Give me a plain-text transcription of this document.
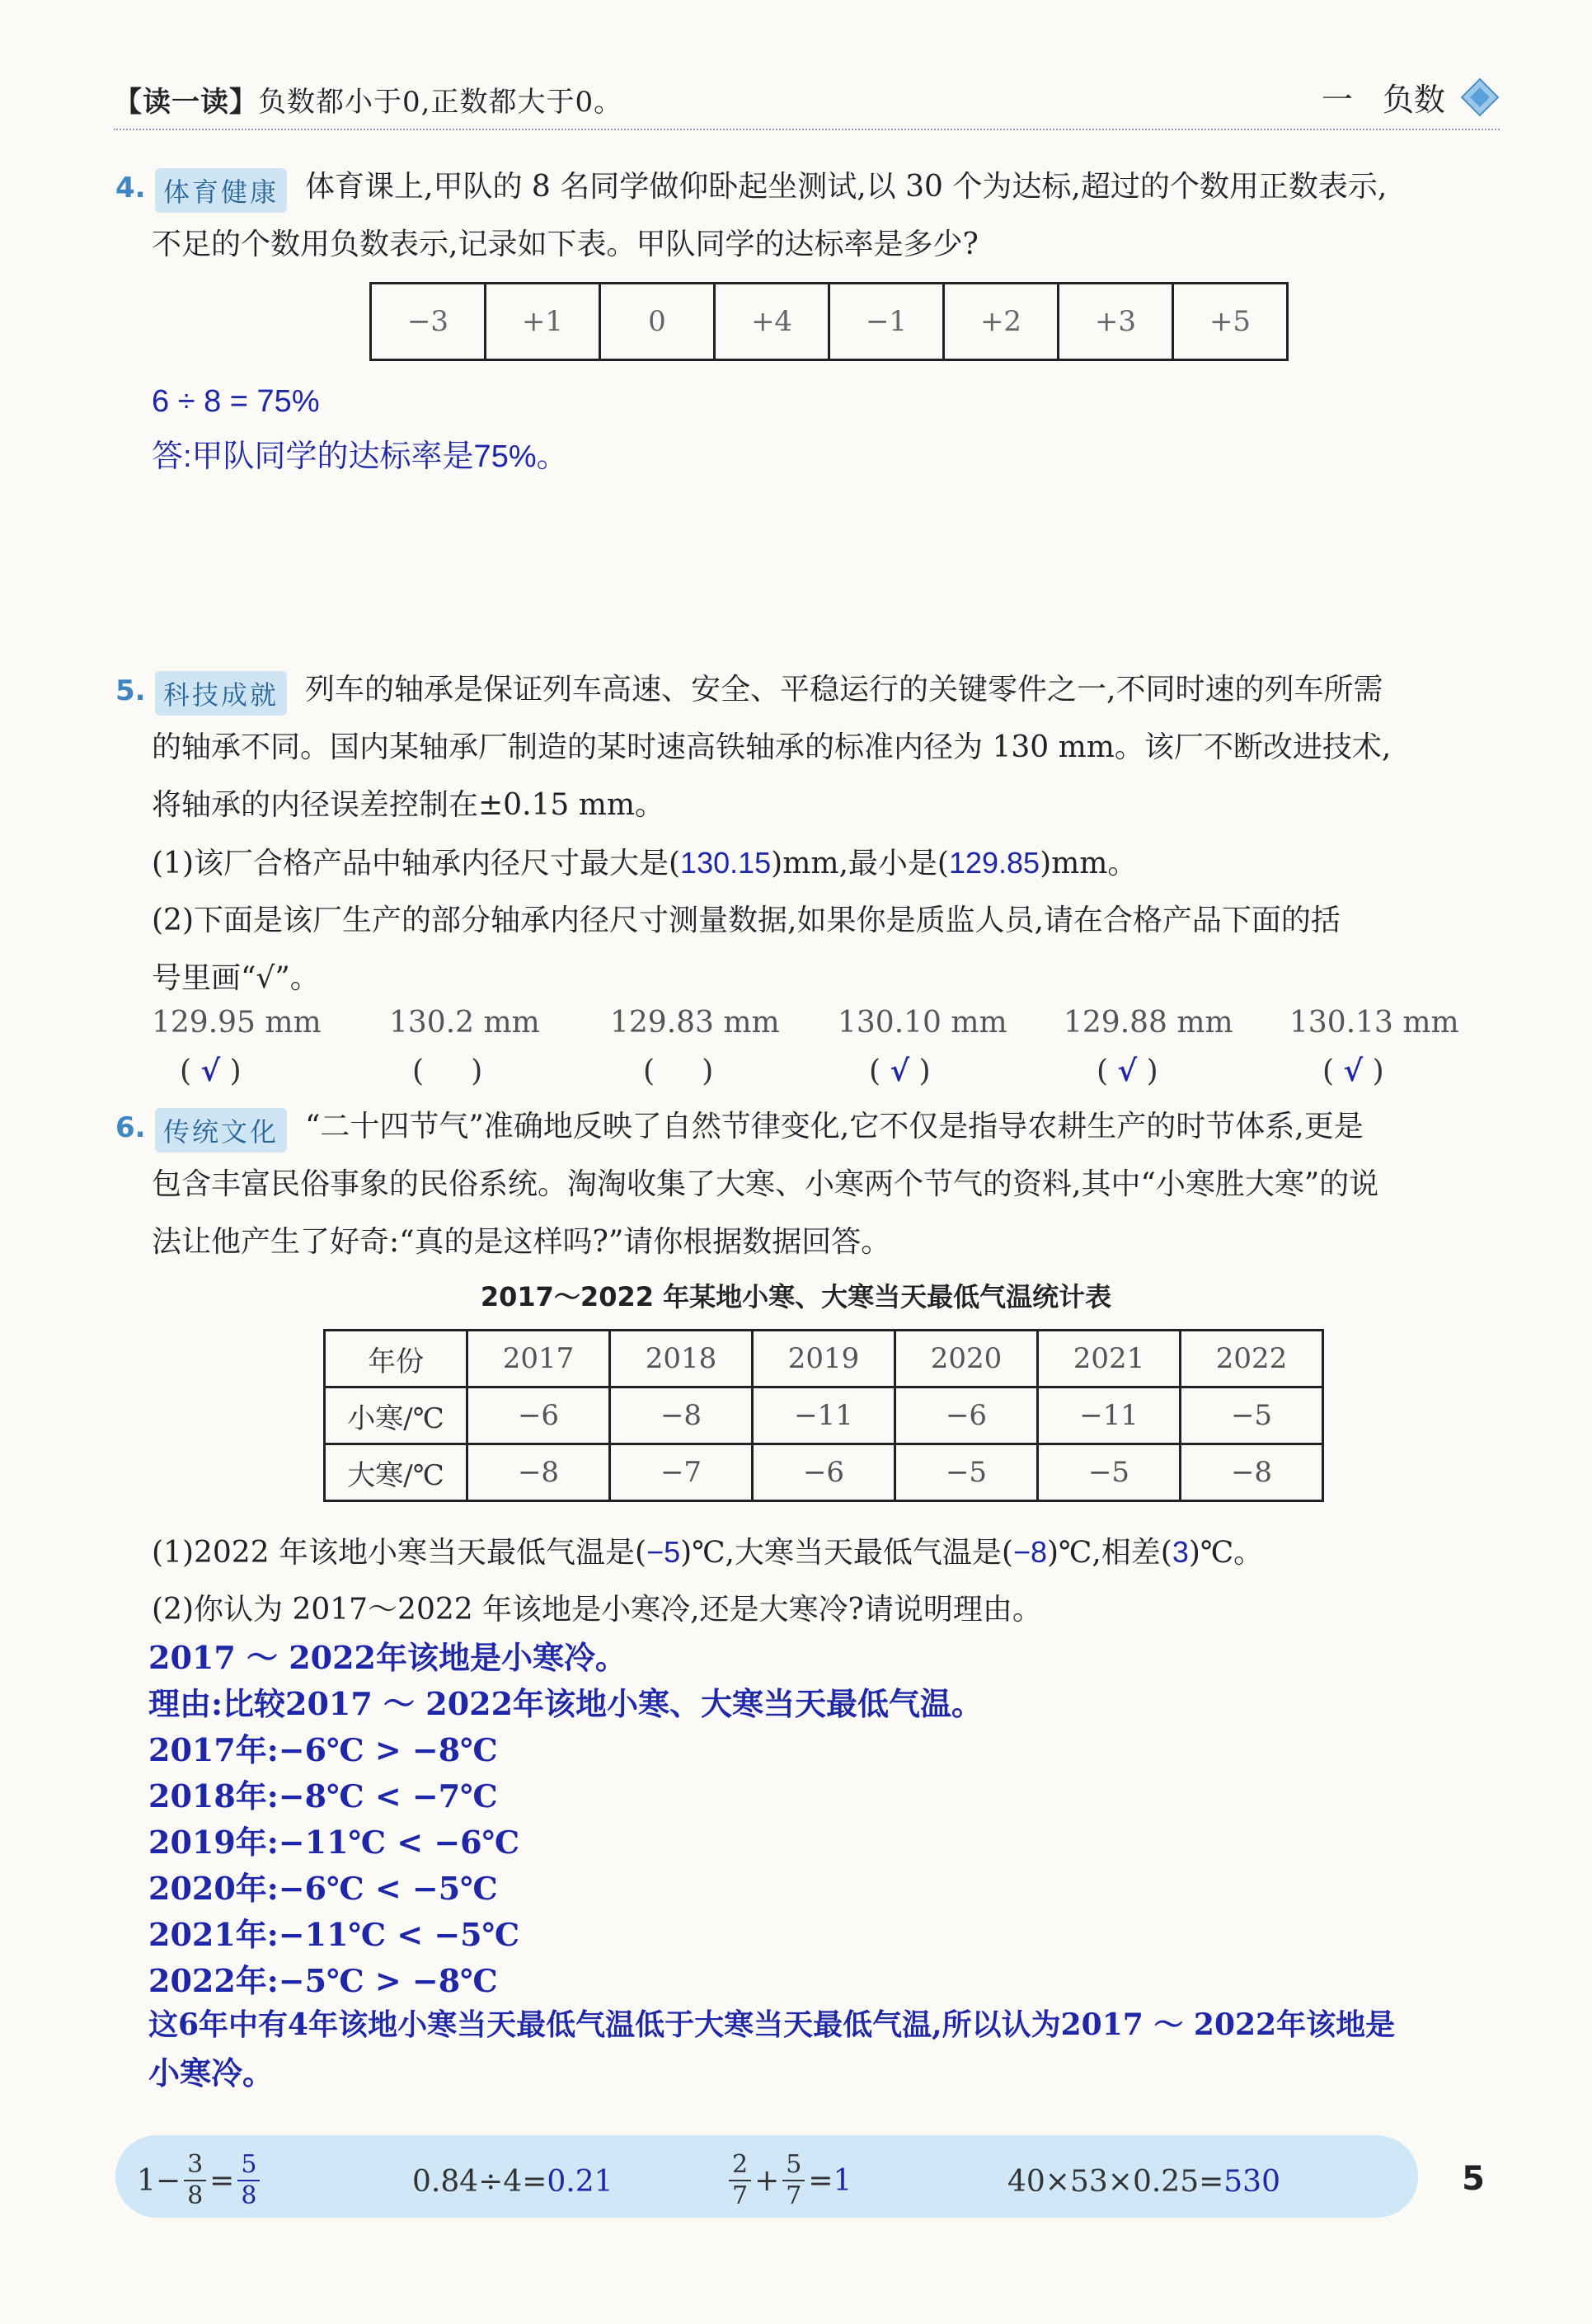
【读一读】负数都小于0,正数都大于0。	一 负数
4. 体育健康 体育课上,甲队的 8 名同学做仰卧起坐测试,以 30 个为达标,超过的个数用正数表示,
不足的个数用负数表示,记录如下表。甲队同学的达标率是多少?
−3	+1	0	+4	−1	+2	+3	+5
6 ÷ 8 = 75%
答:甲队同学的达标率是75%。
5. 科技成就 列车的轴承是保证列车高速、安全、平稳运行的关键零件之一,不同时速的列车所需
的轴承不同。国内某轴承厂制造的某时速高铁轴承的标准内径为 130 mm。该厂不断改进技术,
将轴承的内径误差控制在±0.15 mm。
(1)该厂合格产品中轴承内径尺寸最大是(130.15)mm,最小是(129.85)mm。
(2)下面是该厂生产的部分轴承内径尺寸测量数据,如果你是质监人员,请在合格产品下面的括
号里画“√”。
129.95 mm 130.2 mm 129.83 mm 130.10 mm 129.88 mm 130.13 mm
( √ )	(     )	(     )	( √ )	( √ )	( √ )
6. 传统文化 “二十四节气”准确地反映了自然节律变化,它不仅是指导农耕生产的时节体系,更是
包含丰富民俗事象的民俗系统。淘淘收集了大寒、小寒两个节气的资料,其中“小寒胜大寒”的说
法让他产生了好奇:“真的是这样吗?”请你根据数据回答。
2017～2022 年某地小寒、大寒当天最低气温统计表
年份	2017	2018	2019	2020	2021	2022
小寒/℃	−6	−8	−11	−6	−11	−5
大寒/℃	−8	−7	−6	−5	−5	−8
(1)2022 年该地小寒当天最低气温是(−5)℃,大寒当天最低气温是(−8)℃,相差(3)℃。
(2)你认为 2017～2022 年该地是小寒冷,还是大寒冷?请说明理由。
2017 ～ 2022年该地是小寒冷。
理由:比较2017 ～ 2022年该地小寒、大寒当天最低气温。
2017年:−6℃ > −8℃
2018年:−8℃ < −7℃
2019年:−11℃ < −6℃
2020年:−6℃ < −5℃
2021年:−11℃ < −5℃
2022年:−5℃ > −8℃
这6年中有4年该地小寒当天最低气温低于大寒当天最低气温,所以认为2017 ～ 2022年该地是
小寒冷。
$1- \frac{3}{8} = \frac{5}{8}$	0.84÷4=0.21	$\frac{2}{7} + \frac{5}{7} = 1$	40×53×0.25=530	5
